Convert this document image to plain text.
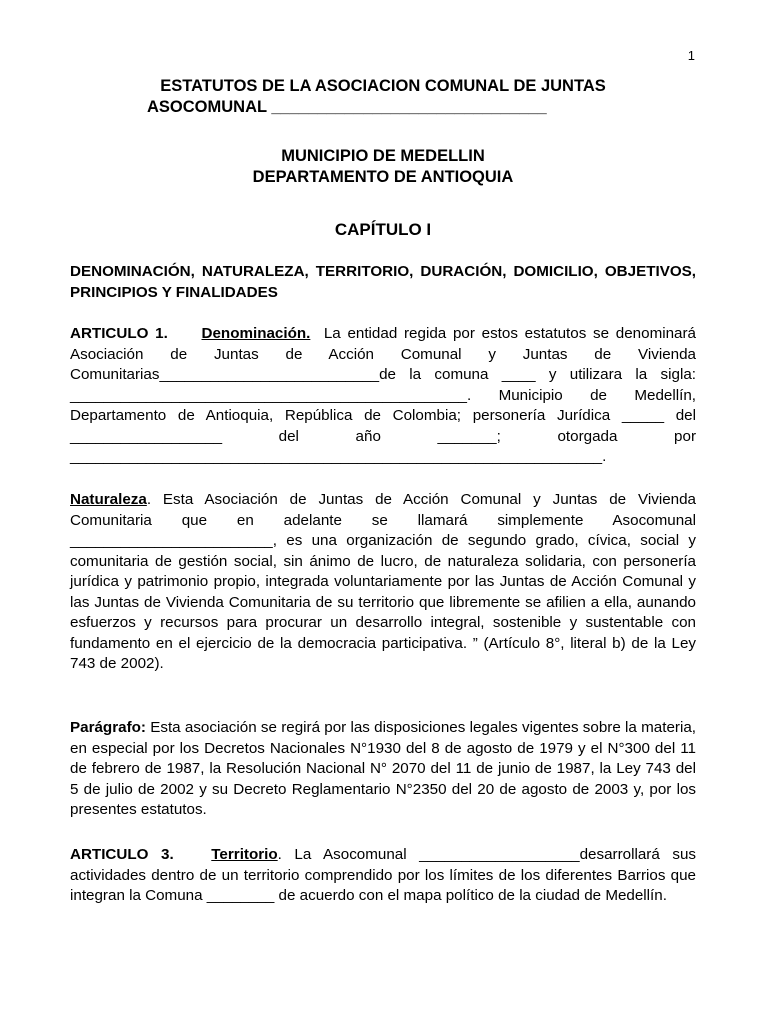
1
ESTATUTOS DE LA ASOCIACION COMUNAL DE JUNTAS
ASOCOMUNAL ______________________________
MUNICIPIO DE MEDELLIN
DEPARTAMENTO DE ANTIOQUIA
CAPÍTULO I
DENOMINACIÓN, NATURALEZA, TERRITORIO, DURACIÓN, DOMICILIO, OBJETIVOS, PRINCIPIOS Y FINALIDADES
ARTICULO 1. Denominación. La entidad regida por estos estatutos se denominará Asociación de Juntas de Acción Comunal y Juntas de Vivienda Comunitarias__________________________de la comuna ____ y utilizara la sigla: _______________________________________________. Municipio de Medellín, Departamento de Antioquia, República de Colombia; personería Jurídica _____ del __________________ del año _______; otorgada por _______________________________________________________________.
Naturaleza. Esta Asociación de Juntas de Acción Comunal y Juntas de Vivienda Comunitaria que en adelante se llamará simplemente Asocomunal ________________________, es una organización de segundo grado, cívica, social y comunitaria de gestión social, sin ánimo de lucro, de naturaleza solidaria, con personería jurídica y patrimonio propio, integrada voluntariamente por las Juntas de Acción Comunal y las Juntas de Vivienda Comunitaria de su territorio que libremente se afilien a ella, aunando esfuerzos y recursos para procurar un desarrollo integral, sostenible y sustentable con fundamento en el ejercicio de la democracia participativa. ” (Artículo 8°, literal b) de la Ley 743 de 2002).
Parágrafo: Esta asociación se regirá por las disposiciones legales vigentes sobre la materia, en especial por los Decretos Nacionales N°1930 del 8 de agosto de 1979 y el N°300 del 11 de febrero de 1987, la Resolución Nacional N° 2070 del 11 de junio de 1987, la Ley 743 del 5 de julio de 2002 y su Decreto Reglamentario N°2350 del 20 de agosto de 2003 y, por los presentes estatutos.
ARTICULO 3. Territorio. La Asocomunal ___________________desarrollará sus actividades dentro de un territorio comprendido por los límites de los diferentes Barrios que integran la Comuna ________ de acuerdo con el mapa político de la ciudad de Medellín.
